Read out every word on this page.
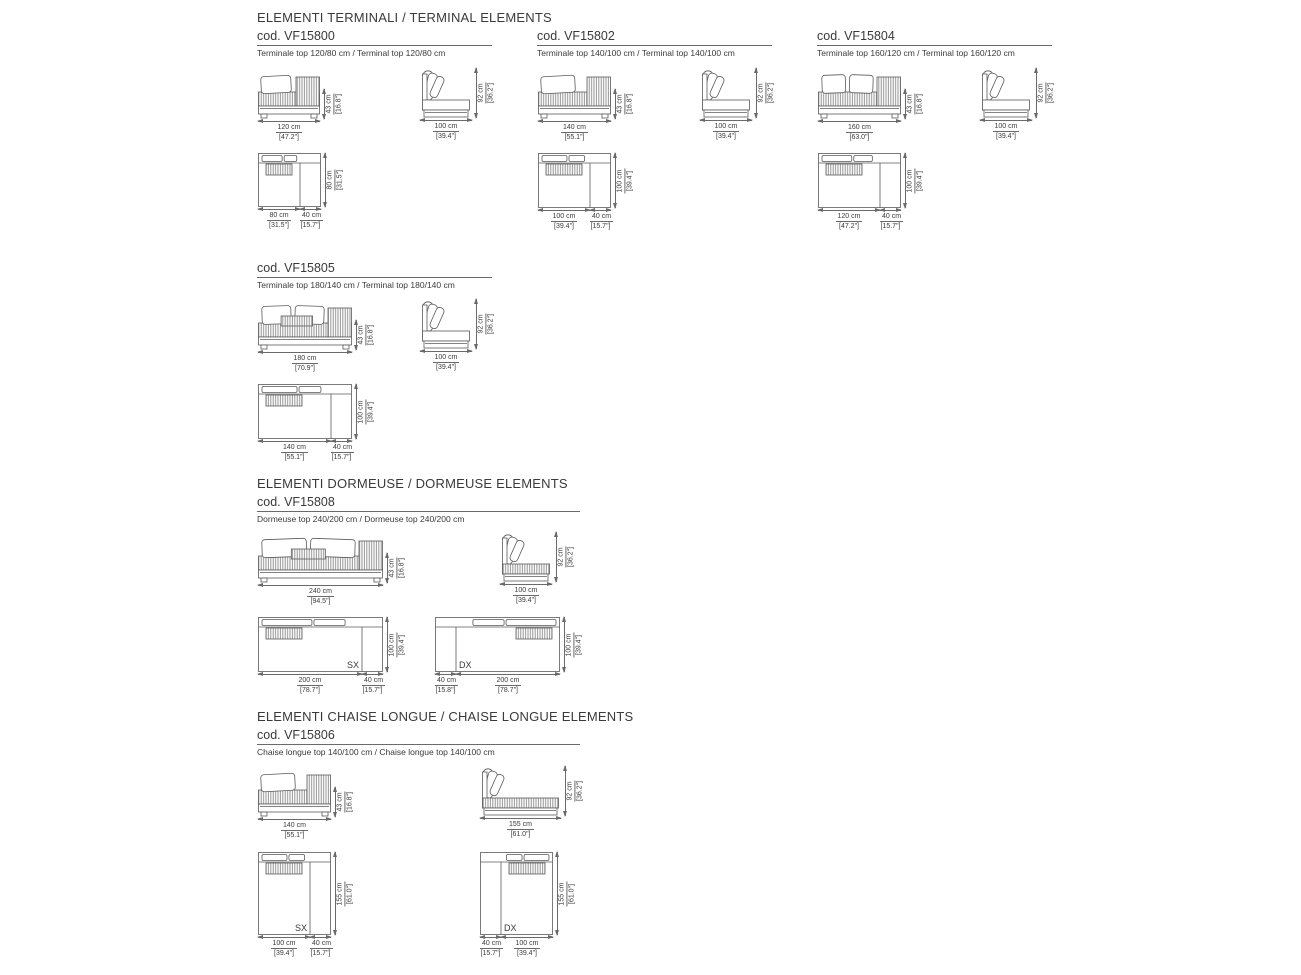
ELEMENTI TERMINALI / TERMINAL ELEMENTS
cod. VF15800
Terminale top 120/80 cm / Terminal top 120/80 cm
cod. VF15802
Terminale top 140/100 cm / Terminal top 140/100 cm
cod. VF15804
Terminale top 160/120 cm / Terminal top 160/120 cm
43 cm [16.8"]
120 cm
[47.2"]
92 cm [36.2"]
100 cm
[39.4"]
80 cm [31.5"]
80 cm
[31.5"]
40 cm
[15.7"]
43 cm [16.8"]
140 cm
[55.1"]
92 cm [36.2"]
100 cm
[39.4"]
100 cm [39.4"]
100 cm
[39.4"]
40 cm
[15.7"]
43 cm [16.8"]
160 cm
[63.0"]
92 cm [36.2"]
100 cm
[39.4"]
100 cm [39.4"]
120 cm
[47.2"]
40 cm
[15.7"]
cod. VF15805
Terminale top 180/140 cm / Terminal top 180/140 cm
43 cm [16.8"]
180 cm
[70.9"]
92 cm [36.2"]
100 cm
[39.4"]
100 cm [39.4"]
140 cm
[55.1"]
40 cm
[15.7"]
ELEMENTI DORMEUSE / DORMEUSE ELEMENTS
cod. VF15808
Dormeuse top 240/200 cm / Dormeuse top 240/200 cm
43 cm [16.8"]
240 cm
[94.5"]
92 cm [36.2"]
100 cm
[39.4"]
SX
100 cm [39.4"]
200 cm
[78.7"]
40 cm
[15.7"]
DX
100 cm [39.4"]
40 cm
[15.8"]
200 cm
[78.7"]
ELEMENTI CHAISE LONGUE / CHAISE LONGUE ELEMENTS
cod. VF15806
Chaise longue top 140/100 cm / Chaise longue top 140/100 cm
43 cm [16.8"]
140 cm
[55.1"]
92 cm [36.2"]
155 cm
[61.0"]
SX
155 cm [61.0"]
100 cm
[39.4"]
40 cm
[15.7"]
DX
155 cm [61.0"]
40 cm
[15.7"]
100 cm
[39.4"]
